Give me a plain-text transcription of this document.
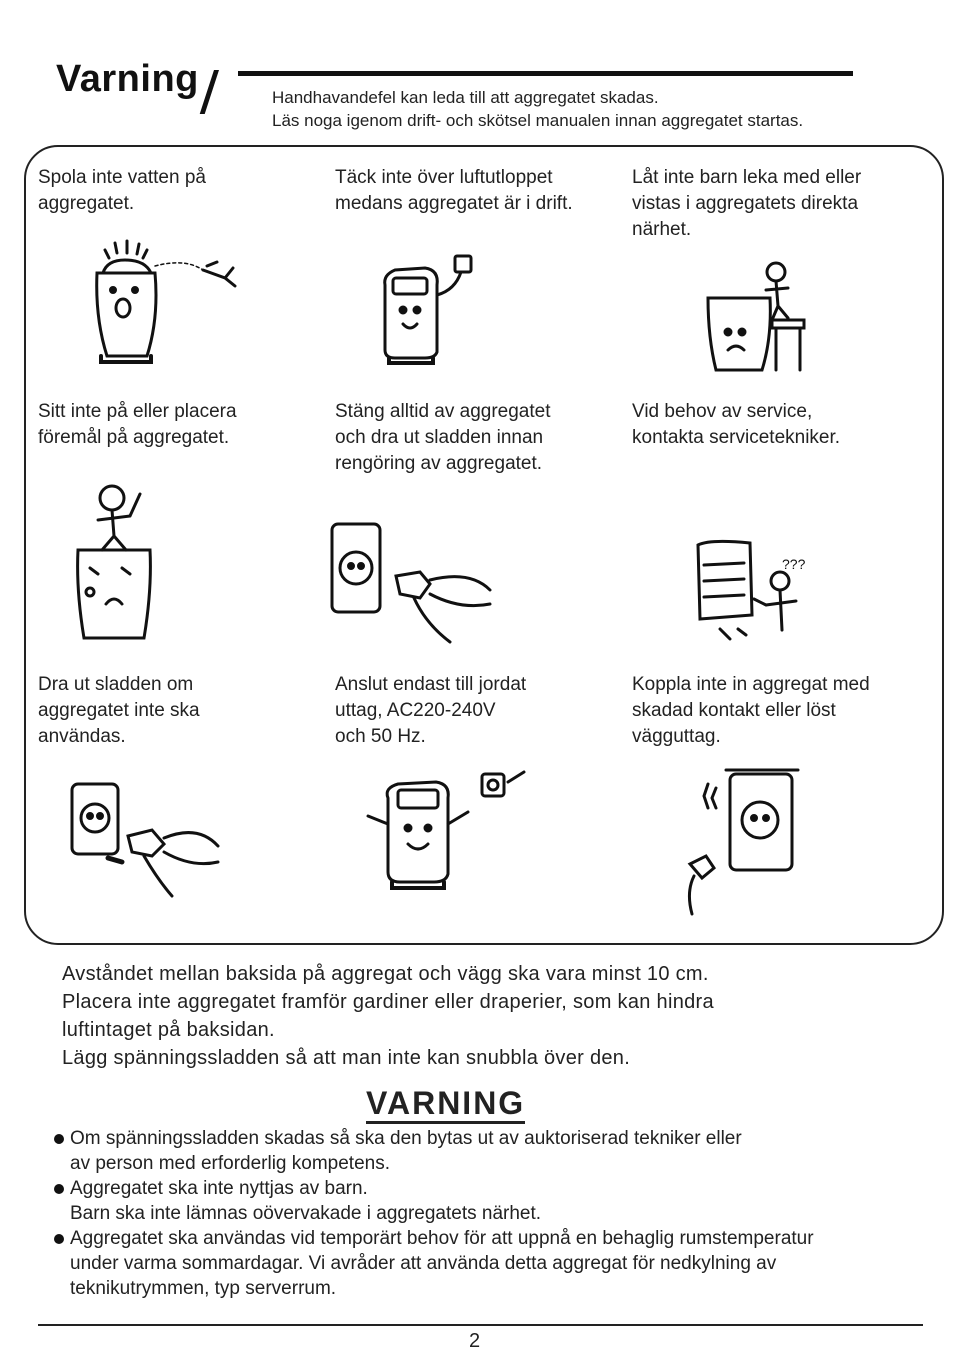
Varning	Handhavandefel kan leda till att aggregatet skadas.
Läs noga igenom drift- och skötsel manualen innan aggregatet startas.
Spola inte vatten på
aggregatet.
Täck inte över luftutloppet
medans aggregatet är i drift.
Låt inte barn leka med eller
vistas i aggregatets direkta
närhet.
Sitt inte på eller placera
föremål på aggregatet.
Stäng alltid av aggregatet
och dra ut sladden innan
rengöring av aggregatet.
Vid behov av service,
kontakta servicetekniker.
???
Dra ut sladden om
aggregatet inte ska
användas.
Anslut endast till jordat
uttag, AC220-240V
och 50 Hz.
Koppla inte in aggregat med
skadad kontakt eller löst
vägguttag.
Avståndet mellan baksida på aggregat och vägg ska vara minst 10 cm.
Placera inte aggregatet framför gardiner eller draperier, som kan hindra
luftintaget på baksidan.
Lägg spänningssladden så att man inte kan snubbla över den.
VARNING
Om spänningssladden skadas så ska den bytas ut av auktoriserad tekniker eller
av person med erforderlig kompetens.
Aggregatet ska inte nyttjas av barn.
Barn ska inte lämnas oövervakade i aggregatets närhet.
Aggregatet ska användas vid temporärt behov för att uppnå en behaglig rumstemperatur
under varma sommardagar. Vi avråder att använda detta aggregat för nedkylning av
teknikutrymmen, typ serverrum.
2
